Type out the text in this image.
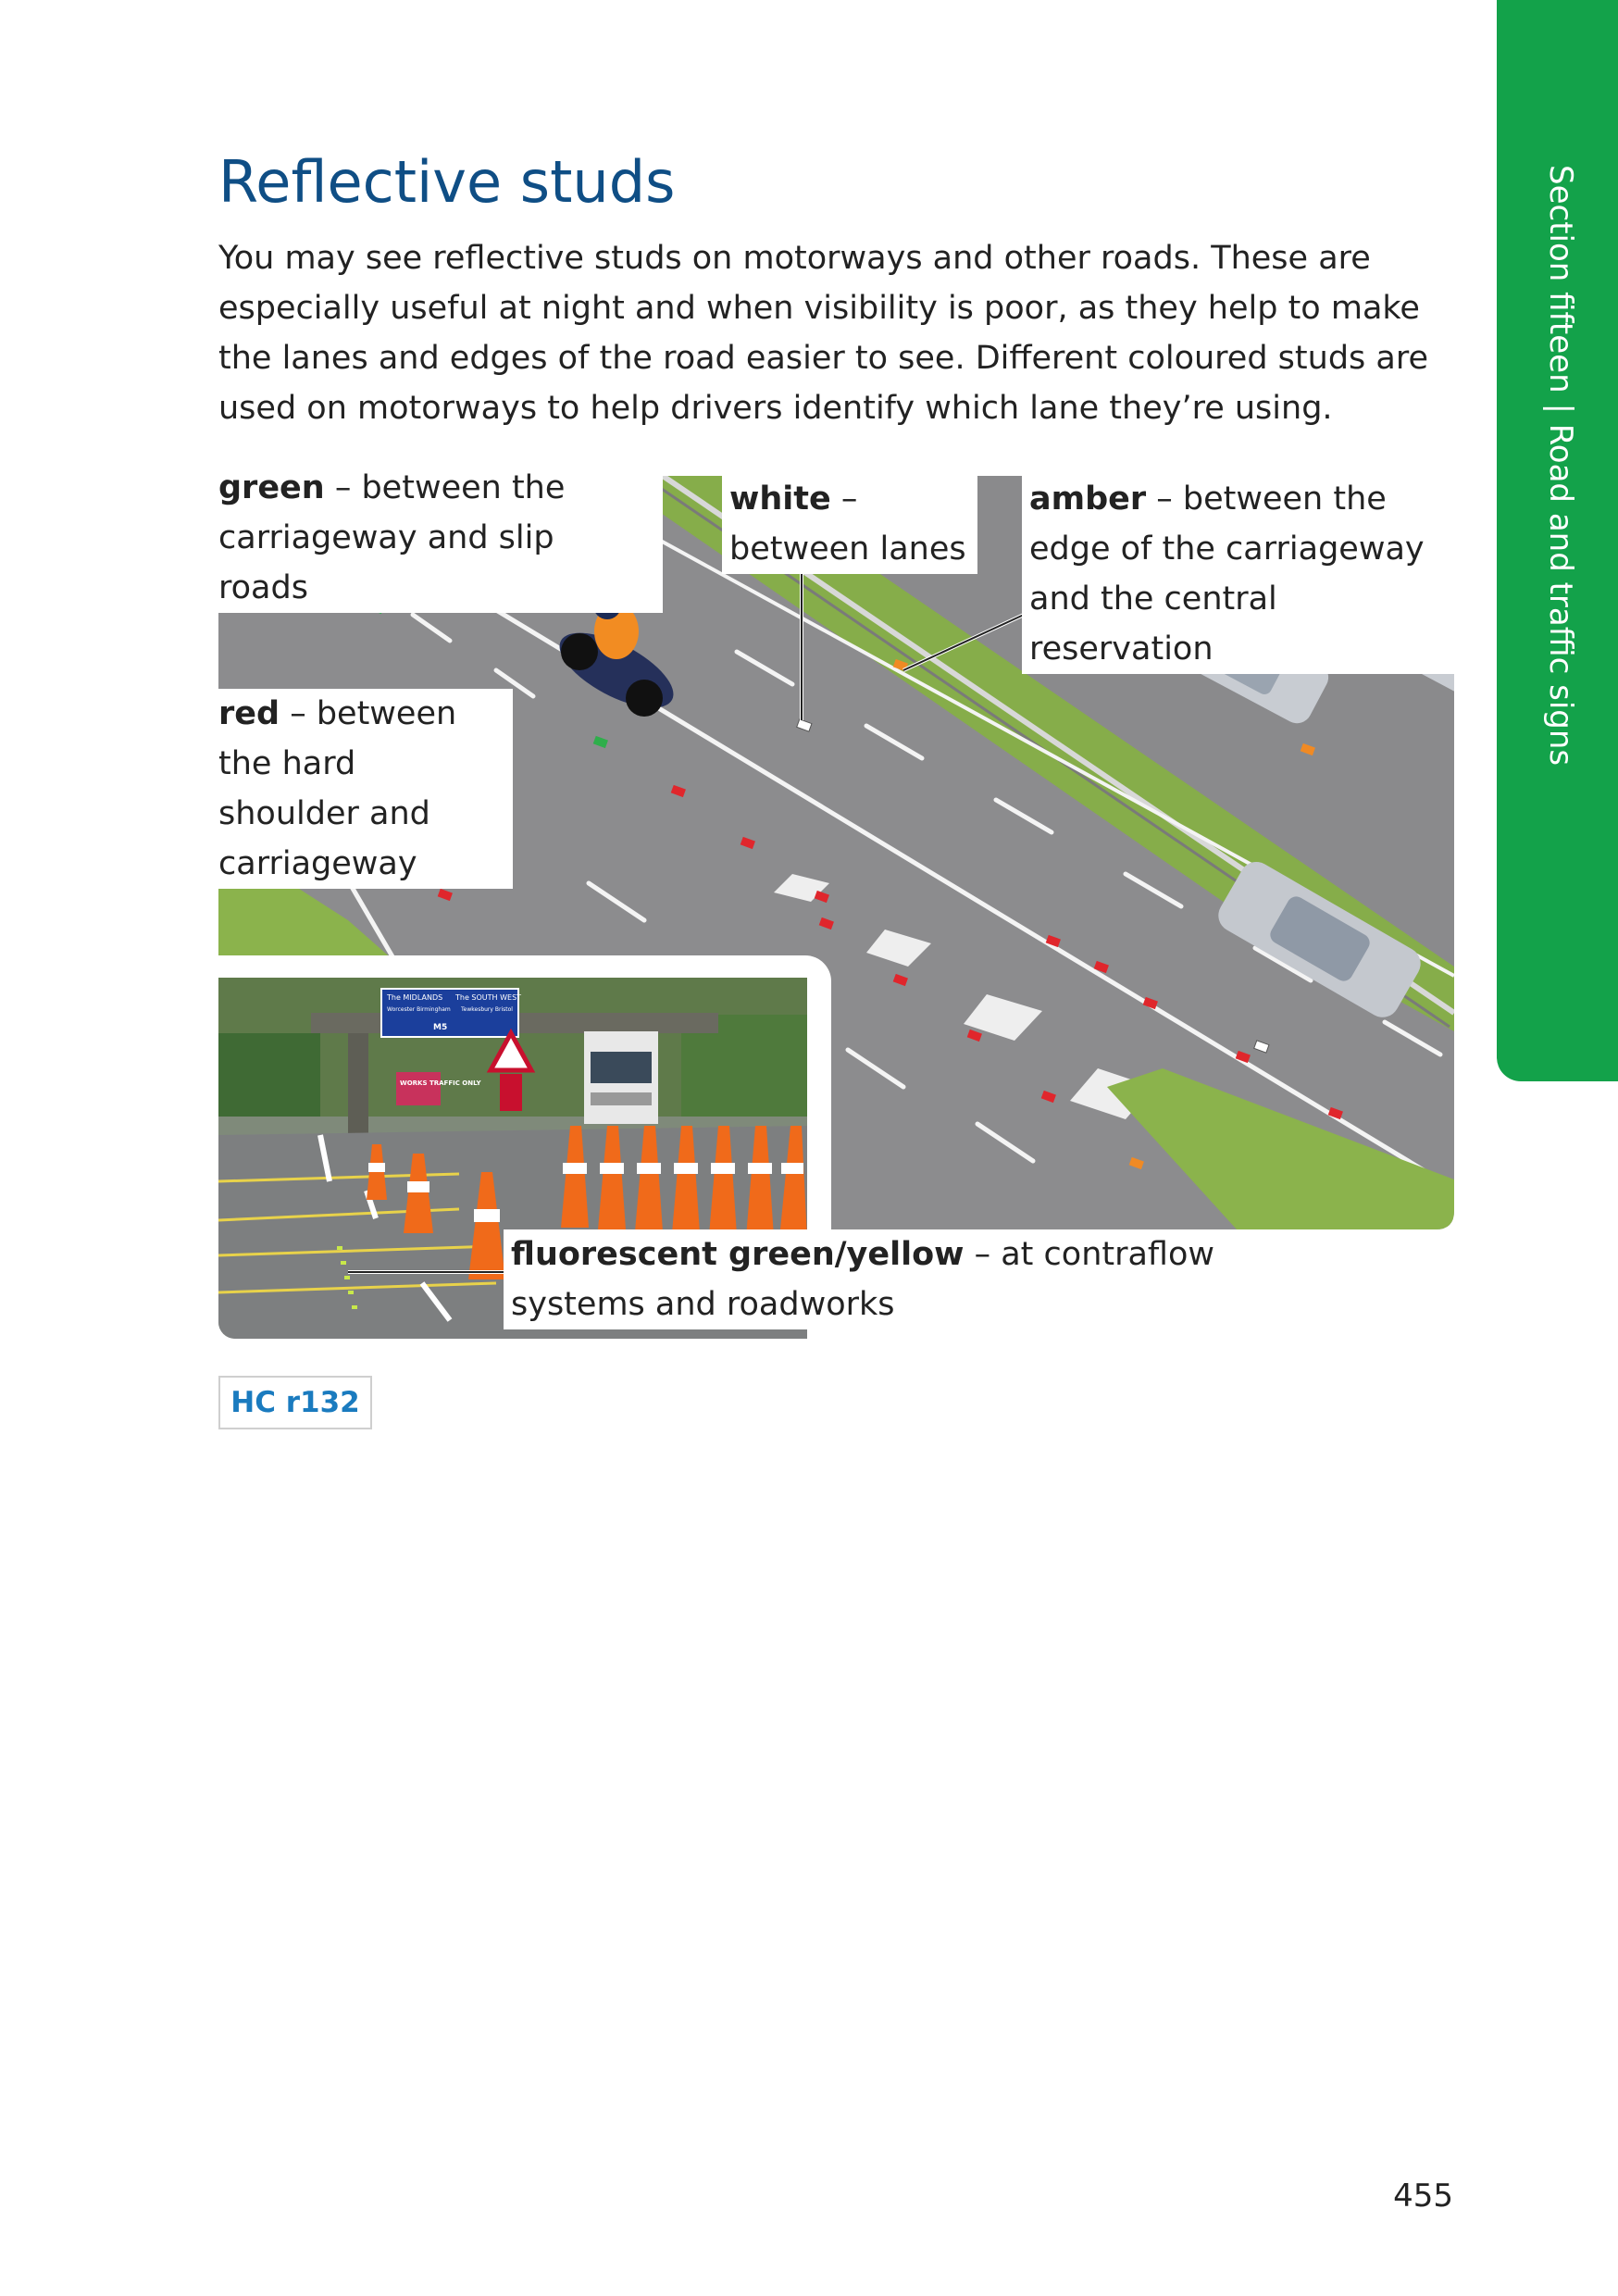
Section fifteen | Road and traffic signs
Reflective studs

You may see reflective studs on motorways and other roads. These are especially useful at night and when visibility is poor, as they help to make the lanes and edges of the road easier to see. Different coloured studs are used on motorways to help drivers identify which lane they’re using.

The MIDLANDS
Worcester Birmingham
M5
The SOUTH WEST
Tewkesbury Bristol
WORKS TRAFFIC ONLY
green – between the carriageway and slip roads
white – between lanes
amber – between the edge of the carriageway and the central reservation
red – between the hard shoulder and carriageway
fluorescent green/yellow – at contraflow systems and roadworks
HC r132
455
